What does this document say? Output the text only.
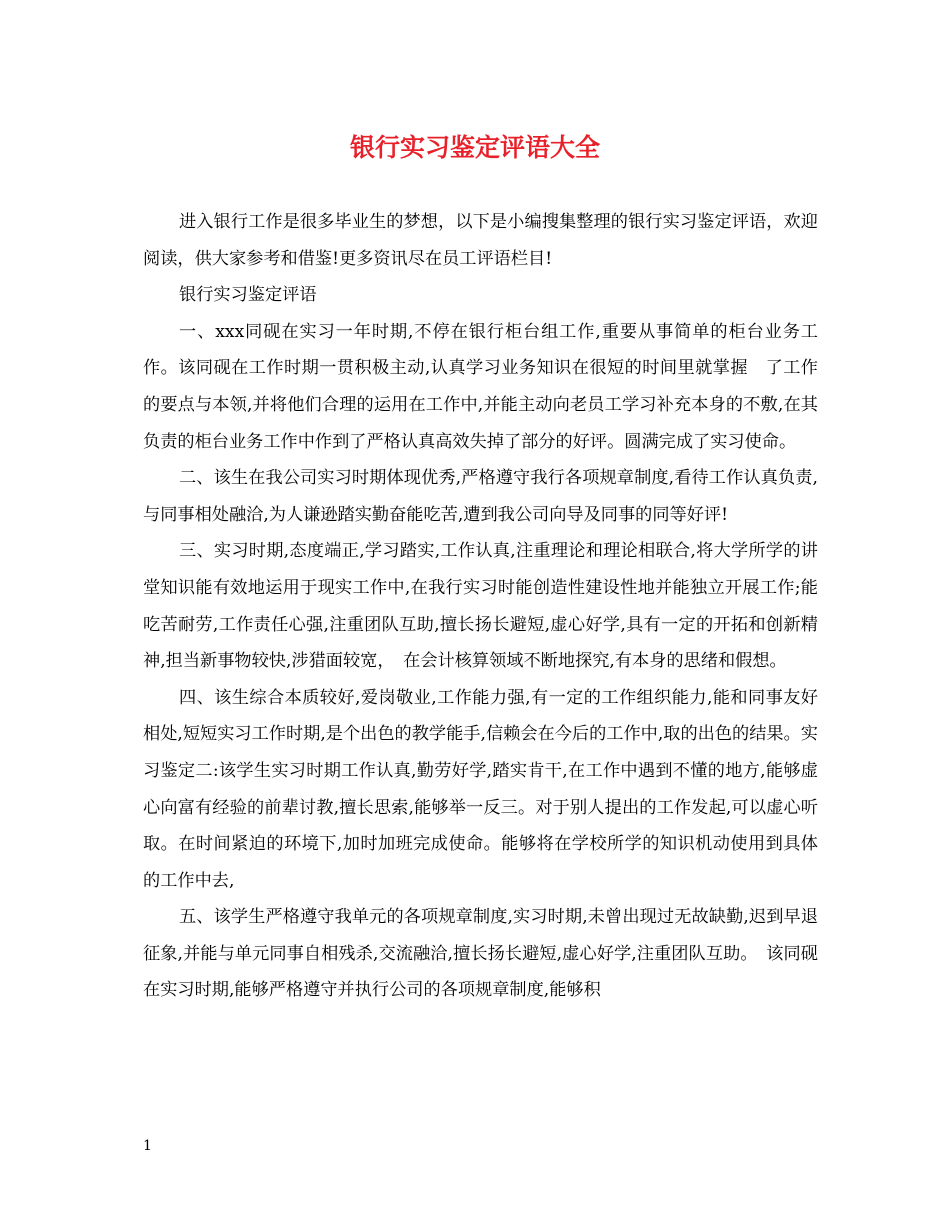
银行实习鉴定评语大全

进入银行工作是很多毕业生的梦想，以下是小编搜集整理的银行实习鉴定评语，欢迎阅读，供大家参考和借鉴!更多资讯尽在员工评语栏目!

银行实习鉴定评语

一、xxx同砚在实习一年时期,不停在银行柜台组工作,重要从事简单的柜台业务工作。该同砚在工作时期一贯积极主动,认真学习业务知识在很短的时间里就掌握　了工作的要点与本领,并将他们合理的运用在工作中,并能主动向老员工学习补充本身的不敷,在其负责的柜台业务工作中作到了严格认真高效失掉了部分的好评。圆满完成了实习使命。

二、该生在我公司实习时期体现优秀,严格遵守我行各项规章制度,看待工作认真负责,与同事相处融洽,为人谦逊踏实勤奋能吃苦,遭到我公司向导及同事的同等好评!

三、实习时期,态度端正,学习踏实,工作认真,注重理论和理论相联合,将大学所学的讲堂知识能有效地运用于现实工作中,在我行实习时能创造性建设性地并能独立开展工作;能吃苦耐劳,工作责任心强,注重团队互助,擅长扬长避短,虚心好学,具有一定的开拓和创新精神,担当新事物较快,涉猎面较宽，　在会计核算领域不断地探究,有本身的思绪和假想。

四、该生综合本质较好,爱岗敬业,工作能力强,有一定的工作组织能力,能和同事友好相处,短短实习工作时期,是个出色的教学能手,信赖会在今后的工作中,取的出色的结果。实习鉴定二:该学生实习时期工作认真,勤劳好学,踏实肯干,在工作中遇到不懂的地方,能够虚心向富有经验的前辈讨教,擅长思索,能够举一反三。对于别人提出的工作发起,可以虚心听取。在时间紧迫的环境下,加时加班完成使命。能够将在学校所学的知识机动使用到具体的工作中去,

五、该学生严格遵守我单元的各项规章制度,实习时期,未曾出现过无故缺勤,迟到早退征象,并能与单元同事自相残杀,交流融洽,擅长扬长避短,虚心好学,注重团队互助。　该同砚在实习时期,能够严格遵守并执行公司的各项规章制度,能够积

1
